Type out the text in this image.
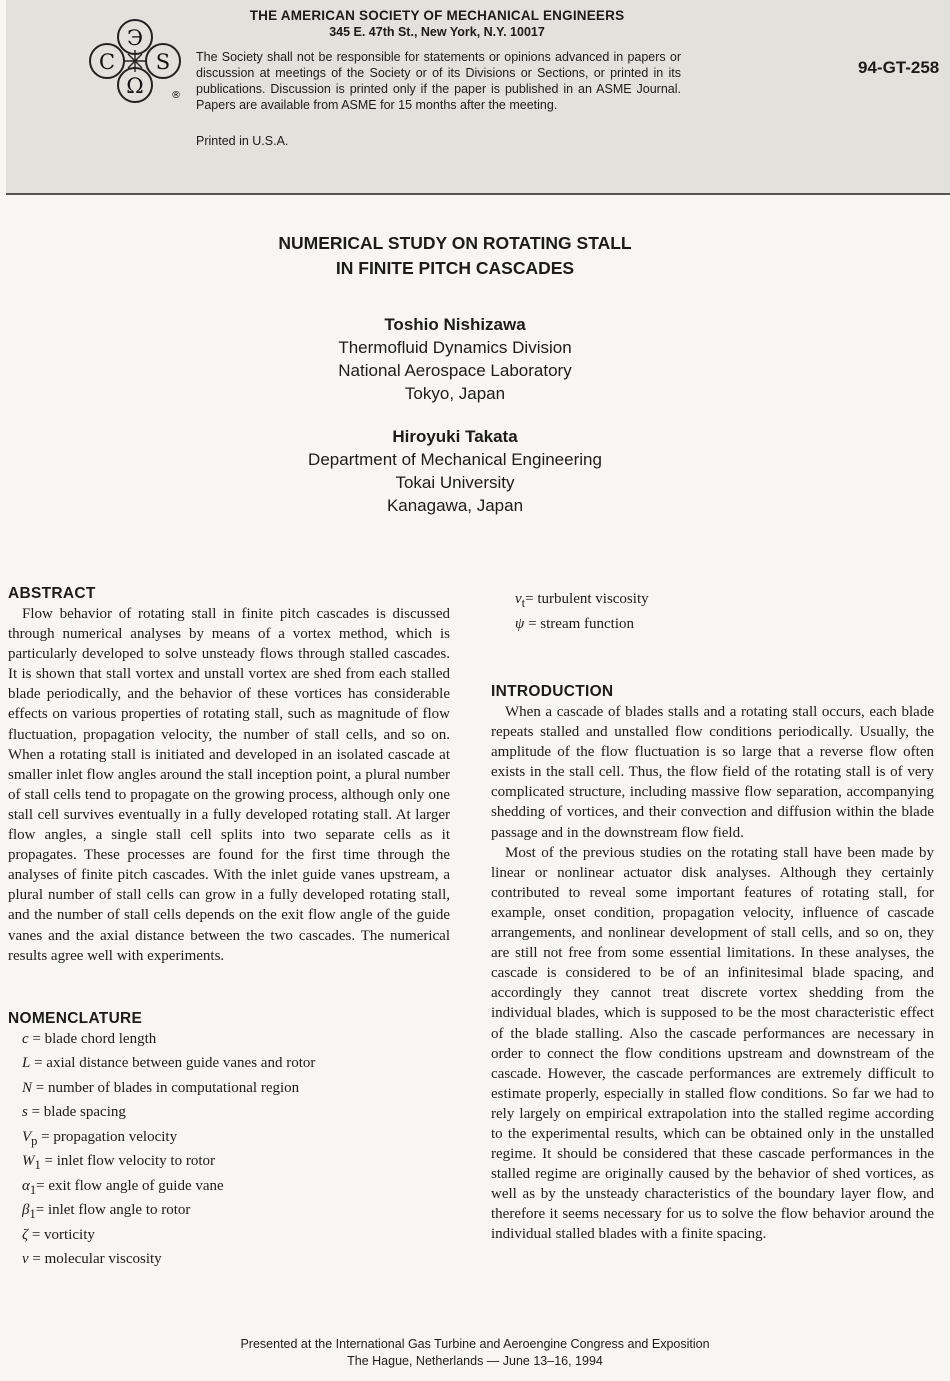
Э
С S
Ω	®
THE AMERICAN SOCIETY OF MECHANICAL ENGINEERS
345 E. 47th St., New York, N.Y. 10017
The Society shall not be responsible for statements or opinions advanced in papers or discussion at meetings of the Society or of its Divisions or Sections, or printed in its publications. Discussion is printed only if the paper is published in an ASME Journal. Papers are available from ASME for 15 months after the meeting.
Printed in U.S.A.
94-GT-258
NUMERICAL STUDY ON ROTATING STALL
IN FINITE PITCH CASCADES
Toshio Nishizawa
Thermofluid Dynamics Division
National Aerospace Laboratory
Tokyo, Japan
Hiroyuki Takata
Department of Mechanical Engineering
Tokai University
Kanagawa, Japan
ABSTRACT

Flow behavior of rotating stall in finite pitch cascades is discussed through numerical analyses by means of a vortex method, which is particularly developed to solve unsteady flows through stalled cascades. It is shown that stall vortex and unstall vortex are shed from each stalled blade periodically, and the behavior of these vortices has considerable effects on various properties of rotating stall, such as magnitude of flow fluctuation, propagation velocity, the number of stall cells, and so on. When a rotating stall is initiated and developed in an isolated cascade at smaller inlet flow angles around the stall inception point, a plural number of stall cells tend to propagate on the growing process, although only one stall cell survives eventually in a fully developed rotating stall. At larger flow angles, a single stall cell splits into two separate cells as it propagates. These processes are found for the first time through the analyses of finite pitch cascades. With the inlet guide vanes upstream, a plural number of stall cells can grow in a fully developed rotating stall, and the number of stall cells depends on the exit flow angle of the guide vanes and the axial distance between the two cascades. The numerical results agree well with experiments.

NOMENCLATURE
c = blade chord length
L = axial distance between guide vanes and rotor
N = number of blades in computational region
s = blade spacing
$V_p$ = propagation velocity
$W_1$ = inlet flow velocity to rotor
$\alpha_1=$ exit flow angle of guide vane
$\beta_1=$ inlet flow angle to rotor
ζ = vorticity
ν = molecular viscosity
$\nu_t=$ turbulent viscosity
ψ = stream function
INTRODUCTION

When a cascade of blades stalls and a rotating stall occurs, each blade repeats stalled and unstalled flow conditions periodically. Usually, the amplitude of the flow fluctuation is so large that a reverse flow often exists in the stall cell. Thus, the flow field of the rotating stall is of very complicated structure, including massive flow separation, accompanying shedding of vortices, and their convection and diffusion within the blade passage and in the downstream flow field.

Most of the previous studies on the rotating stall have been made by linear or nonlinear actuator disk analyses. Although they certainly contributed to reveal some important features of rotating stall, for example, onset condition, propagation velocity, influence of cascade arrangements, and nonlinear development of stall cells, and so on, they are still not free from some essential limitations. In these analyses, the cascade is considered to be of an infinitesimal blade spacing, and accordingly they cannot treat discrete vortex shedding from the individual blades, which is supposed to be the most characteristic effect of the blade stalling. Also the cascade performances are necessary in order to connect the flow conditions upstream and downstream of the cascade. However, the cascade performances are extremely difficult to estimate properly, especially in stalled flow conditions. So far we had to rely largely on empirical extrapolation into the stalled regime according to the experimental results, which can be obtained only in the unstalled regime. It should be considered that these cascade performances in the stalled regime are originally caused by the behavior of shed vortices, as well as by the unsteady characteristics of the boundary layer flow, and therefore it seems necessary for us to solve the flow behavior around the individual stalled blades with a finite spacing.

Presented at the International Gas Turbine and Aeroengine Congress and Exposition
The Hague, Netherlands — June 13–16, 1994
